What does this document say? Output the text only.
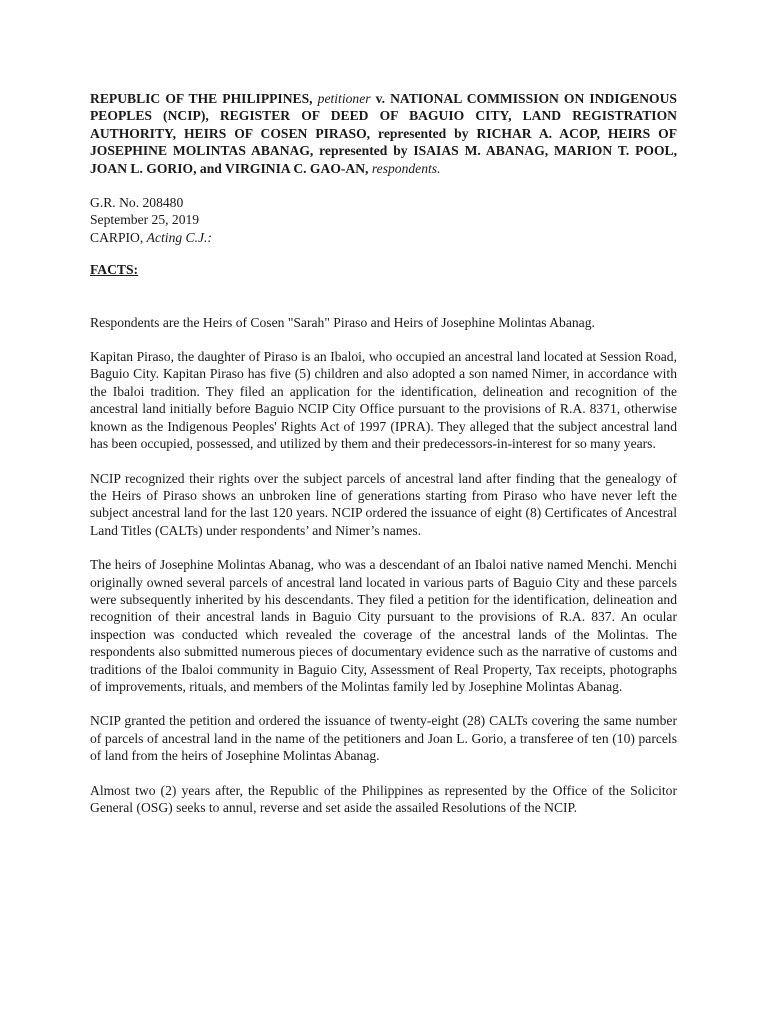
REPUBLIC OF THE PHILIPPINES, petitioner v. NATIONAL COMMISSION ON INDIGENOUS PEOPLES (NCIP), REGISTER OF DEED OF BAGUIO CITY, LAND REGISTRATION AUTHORITY, HEIRS OF COSEN PIRASO, represented by RICHAR A. ACOP, HEIRS OF JOSEPHINE MOLINTAS ABANAG, represented by ISAIAS M. ABANAG, MARION T. POOL, JOAN L. GORIO, and VIRGINIA C. GAO-AN, respondents.

G.R. No. 208480
September 25, 2019
CARPIO, Acting C.J.:
FACTS:

Respondents are the Heirs of Cosen "Sarah" Piraso and Heirs of Josephine Molintas Abanag.

Kapitan Piraso, the daughter of Piraso is an Ibaloi, who occupied an ancestral land located at Session Road, Baguio City. Kapitan Piraso has five (5) children and also adopted a son named Nimer, in accordance with the Ibaloi tradition. They filed an application for the identification, delineation and recognition of the ancestral land initially before Baguio NCIP City Office pursuant to the provisions of R.A. 8371, otherwise known as the Indigenous Peoples' Rights Act of 1997 (IPRA). They alleged that the subject ancestral land has been occupied, possessed, and utilized by them and their predecessors-in-interest for so many years.

NCIP recognized their rights over the subject parcels of ancestral land after finding that the genealogy of the Heirs of Piraso shows an unbroken line of generations starting from Piraso who have never left the subject ancestral land for the last 120 years. NCIP ordered the issuance of eight (8) Certificates of Ancestral Land Titles (CALTs) under respondents’ and Nimer’s names.

The heirs of Josephine Molintas Abanag, who was a descendant of an Ibaloi native named Menchi. Menchi originally owned several parcels of ancestral land located in various parts of Baguio City and these parcels were subsequently inherited by his descendants. They filed a petition for the identification, delineation and recognition of their ancestral lands in Baguio City pursuant to the provisions of R.A. 837. An ocular inspection was conducted which revealed the coverage of the ancestral lands of the Molintas. The respondents also submitted numerous pieces of documentary evidence such as the narrative of customs and traditions of the Ibaloi community in Baguio City, Assessment of Real Property, Tax receipts, photographs of improvements, rituals, and members of the Molintas family led by Josephine Molintas Abanag.

NCIP granted the petition and ordered the issuance of twenty-eight (28) CALTs covering the same number of parcels of ancestral land in the name of the petitioners and Joan L. Gorio, a transferee of ten (10) parcels of land from the heirs of Josephine Molintas Abanag.

Almost two (2) years after, the Republic of the Philippines as represented by the Office of the Solicitor General (OSG) seeks to annul, reverse and set aside the assailed Resolutions of the NCIP.
